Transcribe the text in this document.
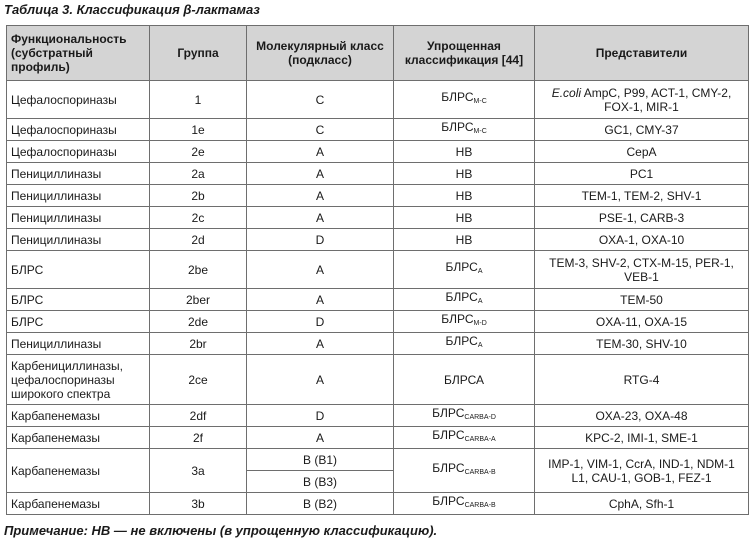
Таблица 3. Классификация β-лактамаз
Функциональность (субстратный профиль)	Группа	Молекулярный класс (подкласс)	Упрощенная классификация [44]	Представители
Цефалоспориназы	1	C	$БЛРС_{M-C}$	E.coli AmpC, P99, ACT-1, CMY-2, FOX-1, MIR-1
Цефалоспориназы	1e	C	$БЛРС_{M-C}$	GC1, CMY-37
Цефалоспориназы	2e	A	НВ	CepA
Пенициллиназы	2a	A	НВ	PC1
Пенициллиназы	2b	A	НВ	TEM-1, TEM-2, SHV-1
Пенициллиназы	2c	A	НВ	PSE-1, CARB-3
Пенициллиназы	2d	D	НВ	OXA-1, OXA-10
БЛРС	2be	A	$БЛРС_A$	TEM-3, SHV-2, CTX-M-15, PER-1, VEB-1
БЛРС	2ber	A	$БЛРС_A$	TEM-50
БЛРС	2de	D	$БЛРС_{M-D}$	OXA-11, OXA-15
Пенициллиназы	2br	A	$БЛРС_A$	TEM-30, SHV-10
Карбенициллиназы, цефалоспориназы широкого спектра	2ce	A	БЛРСА	RTG-4
Карбапенемазы	2df	D	$БЛРС_{CARBA-D}$	OXA-23, OXA-48
Карбапенемазы	2f	A	$БЛРС_{CARBA-A}$	KPC-2, IMI-1, SME-1
Карбапенемазы	3a	B (B1)	$БЛРС_{CARBA-B}$	IMP-1, VIM-1, CcrA, IND-1, NDM-1 L1, CAU-1, GOB-1, FEZ-1
		B (B3)		
Карбапенемазы	3b	B (B2)	$БЛРС_{CARBA-B}$	CphA, Sfh-1
Примечание: НВ — не включены (в упрощенную классификацию).
